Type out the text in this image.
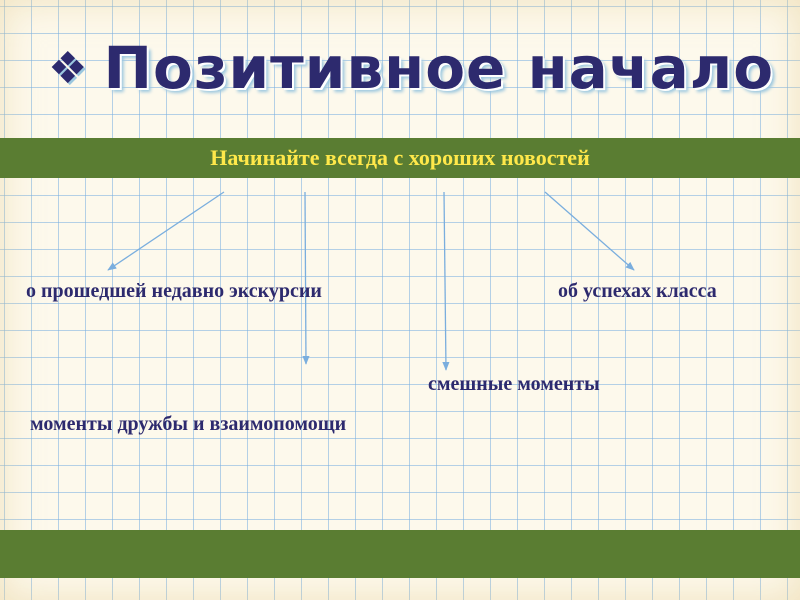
❖ Позитивное начало
Начинайте всегда с хороших новостей
о прошедшей недавно экскурсии	об успехах класса
смешные моменты
моменты дружбы и взаимопомощи
